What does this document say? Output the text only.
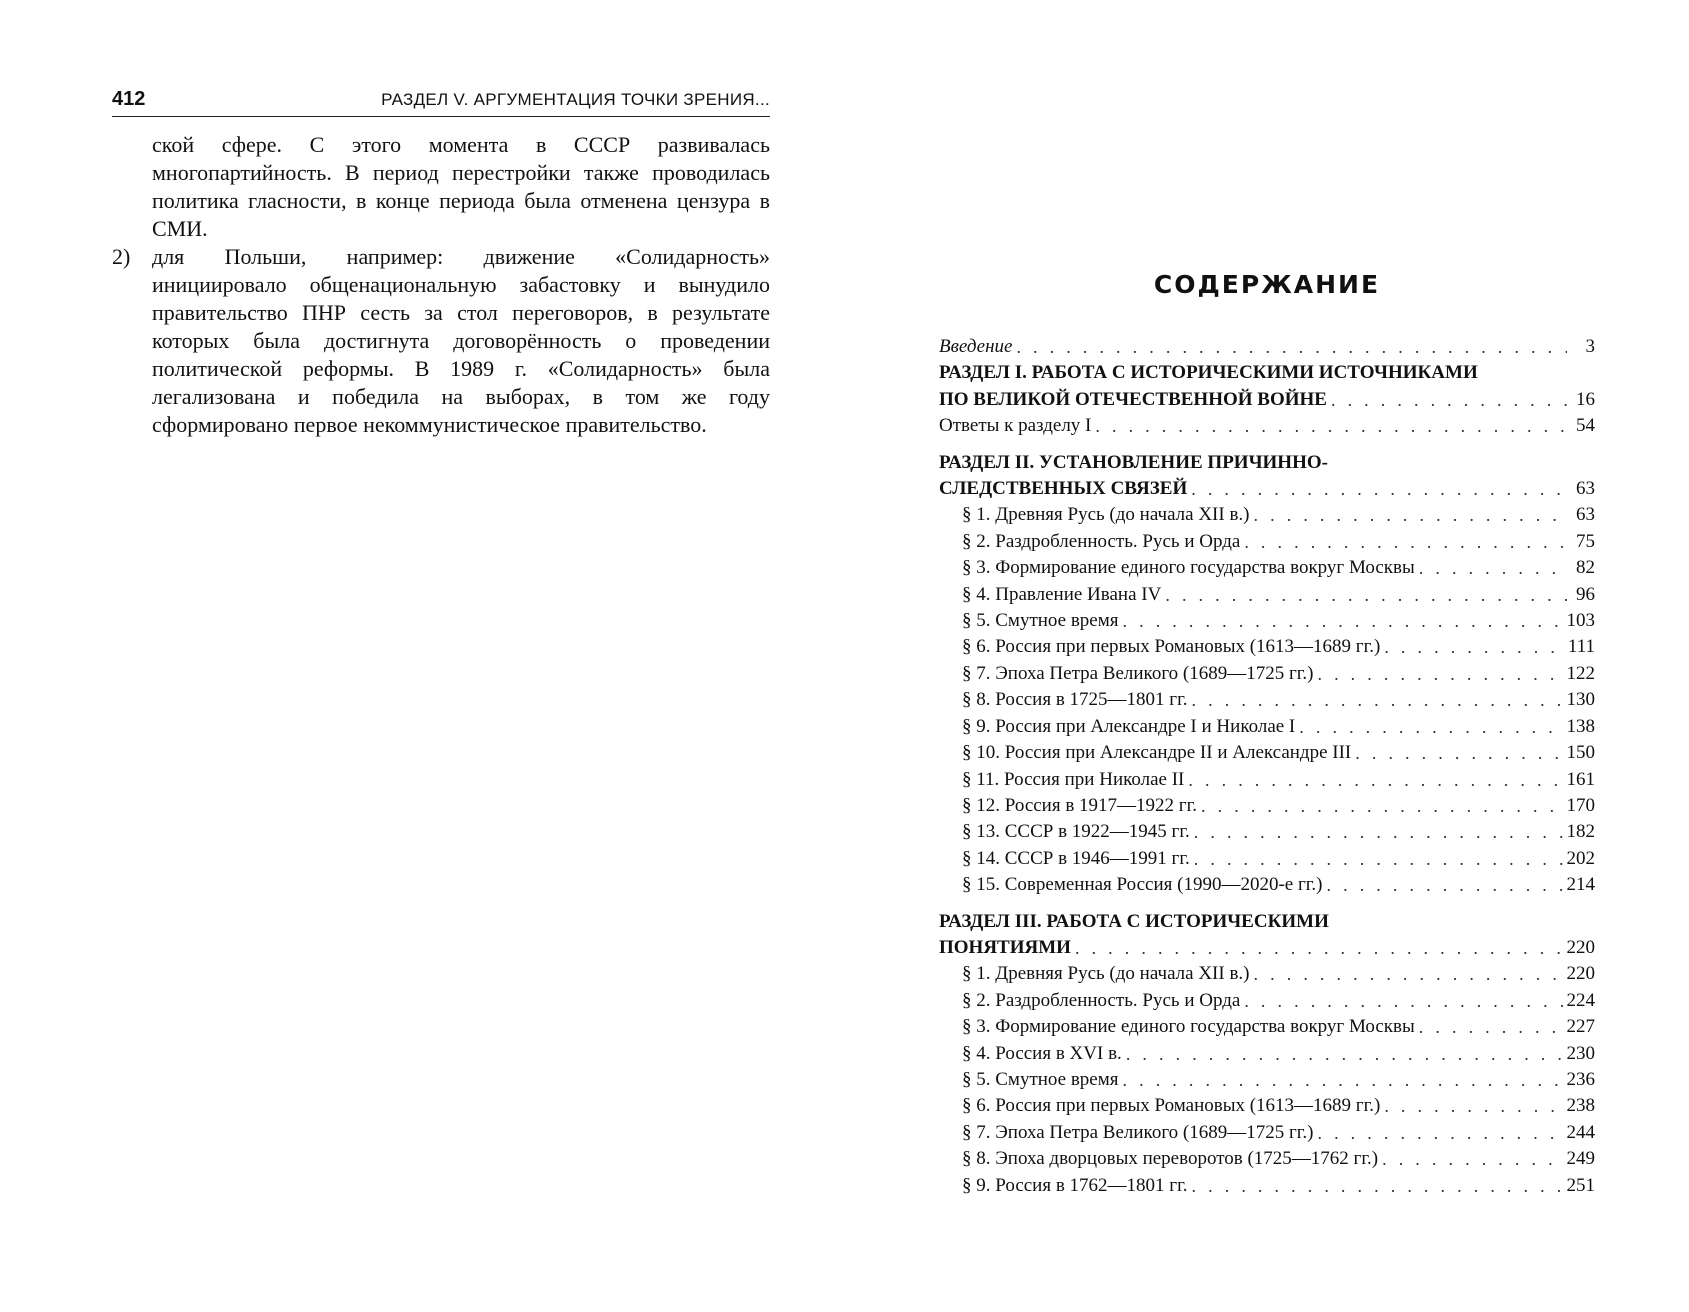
412	РАЗДЕЛ V. АРГУМЕНТАЦИЯ ТОЧКИ ЗРЕНИЯ...

ской сфере. С этого момента в СССР развивалась многопартийность. В период перестройки также проводилась политика гласности, в конце периода была отменена цензура в СМИ.

2) для Польши, например: движение «Солидарность» инициировало общенациональную забастовку и вынудило правительство ПНР сесть за стол переговоров, в результате которых была достигнута договорённость о проведении политической реформы. В 1989 г. «Солидарность» была легализована и победила на выборах, в том же году сформировано первое некоммунистическое правительство.
СОДЕРЖАНИЕ
Введение . . .	3
РАЗДЕЛ I. РАБОТА С ИСТОРИЧЕСКИМИ ИСТОЧНИКАМИ
ПО ВЕЛИКОЙ ОТЕЧЕСТВЕННОЙ ВОЙНЕ . . .	16
Ответы к разделу I . . .	54
РАЗДЕЛ II. УСТАНОВЛЕНИЕ ПРИЧИННО-
СЛЕДСТВЕННЫХ СВЯЗЕЙ . . .	63
§ 1. Древняя Русь (до начала XII в.) . . .	63
§ 2. Раздробленность. Русь и Орда . . .	75
§ 3. Формирование единого государства вокруг Москвы . . .	82
§ 4. Правление Ивана IV . . .	96
§ 5. Смутное время . . .	103
§ 6. Россия при первых Романовых (1613—1689 гг.) . . .	111
§ 7. Эпоха Петра Великого (1689—1725 гг.) . . .	122
§ 8. Россия в 1725—1801 гг. . . .	130
§ 9. Россия при Александре I и Николае I . . .	138
§ 10. Россия при Александре II и Александре III . . .	150
§ 11. Россия при Николае II . . .	161
§ 12. Россия в 1917—1922 гг. . . .	170
§ 13. СССР в 1922—1945 гг. . . .	182
§ 14. СССР в 1946—1991 гг. . . .	202
§ 15. Современная Россия (1990—2020-е гг.) . . .	214
РАЗДЕЛ III. РАБОТА С ИСТОРИЧЕСКИМИ
ПОНЯТИЯМИ . . .	220
§ 1. Древняя Русь (до начала XII в.) . . .	220
§ 2. Раздробленность. Русь и Орда . . .	224
§ 3. Формирование единого государства вокруг Москвы . . .	227
§ 4. Россия в XVI в. . . .	230
§ 5. Смутное время . . .	236
§ 6. Россия при первых Романовых (1613—1689 гг.) . . .	238
§ 7. Эпоха Петра Великого (1689—1725 гг.) . . .	244
§ 8. Эпоха дворцовых переворотов (1725—1762 гг.) . . .	249
§ 9. Россия в 1762—1801 гг. . . .	251
